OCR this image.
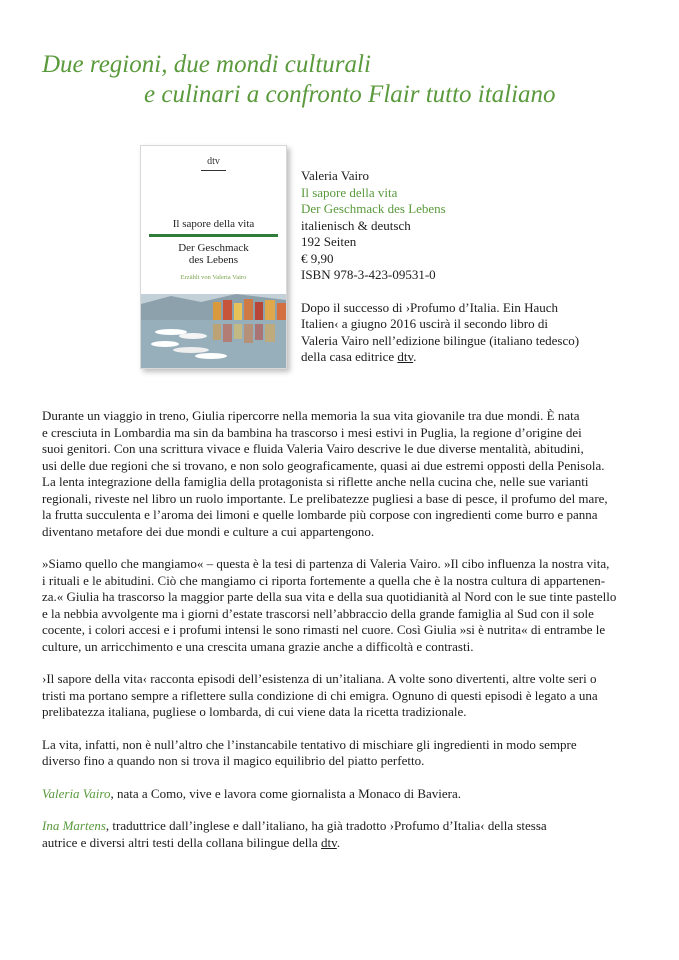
Due regioni, due mondi culturali
e culinari a confronto Flair tutto italiano
dtv
Il sapore della vita
Der Geschmack
des Lebens
Erzählt von Valeria Vairo
Valeria Vairo
Il sapore della vita
Der Geschmack des Lebens
italienisch & deutsch
192 Seiten
€ 9,90
ISBN 978-3-423-09531-0
Dopo il successo di ›Profumo d’Italia. Ein Hauch
Italien‹ a giugno 2016 uscirà il secondo libro di
Valeria Vairo nell’edizione bilingue (italiano tedesco)
della casa editrice dtv.

Durante un viaggio in treno, Giulia ripercorre nella memoria la sua vita giovanile tra due mondi. È nata
e cresciuta in Lombardia ma sin da bambina ha trascorso i mesi estivi in Puglia, la regione d’origine dei
suoi genitori. Con una scrittura vivace e fluida Valeria Vairo descrive le due diverse mentalità, abitudini,
usi delle due regioni che si trovano, e non solo geograficamente, quasi ai due estremi opposti della Penisola.
La lenta integrazione della famiglia della protagonista si riflette anche nella cucina che, nelle sue varianti
regionali, riveste nel libro un ruolo importante. Le prelibatezze pugliesi a base di pesce, il profumo del mare,
la frutta succulenta e l’aroma dei limoni e quelle lombarde più corpose con ingredienti come burro e panna
diventano metafore dei due mondi e culture a cui appartengono.

»Siamo quello che mangiamo« – questa è la tesi di partenza di Valeria Vairo. »Il cibo influenza la nostra vita,
i rituali e le abitudini. Ciò che mangiamo ci riporta fortemente a quella che è la nostra cultura di appartenen-
za.« Giulia ha trascorso la maggior parte della sua vita e della sua quotidianità al Nord con le sue tinte pastello
e la nebbia avvolgente ma i giorni d’estate trascorsi nell’abbraccio della grande famiglia al Sud con il sole
cocente, i colori accesi e i profumi intensi le sono rimasti nel cuore. Così Giulia »si è nutrita« di entrambe le
culture, un arricchimento e una crescita umana grazie anche a difficoltà e contrasti.

›Il sapore della vita‹ racconta episodi dell’esistenza di un’italiana. A volte sono divertenti, altre volte seri o
tristi ma portano sempre a riflettere sulla condizione di chi emigra. Ognuno di questi episodi è legato a una
prelibatezza italiana, pugliese o lombarda, di cui viene data la ricetta tradizionale.

La vita, infatti, non è null’altro che l’instancabile tentativo di mischiare gli ingredienti in modo sempre
diverso fino a quando non si trova il magico equilibrio del piatto perfetto.

Valeria Vairo, nata a Como, vive e lavora come giornalista a Monaco di Baviera.

Ina Martens, traduttrice dall’inglese e dall’italiano, ha già tradotto ›Profumo d’Italia‹ della stessa
autrice e diversi altri testi della collana bilingue della dtv.
